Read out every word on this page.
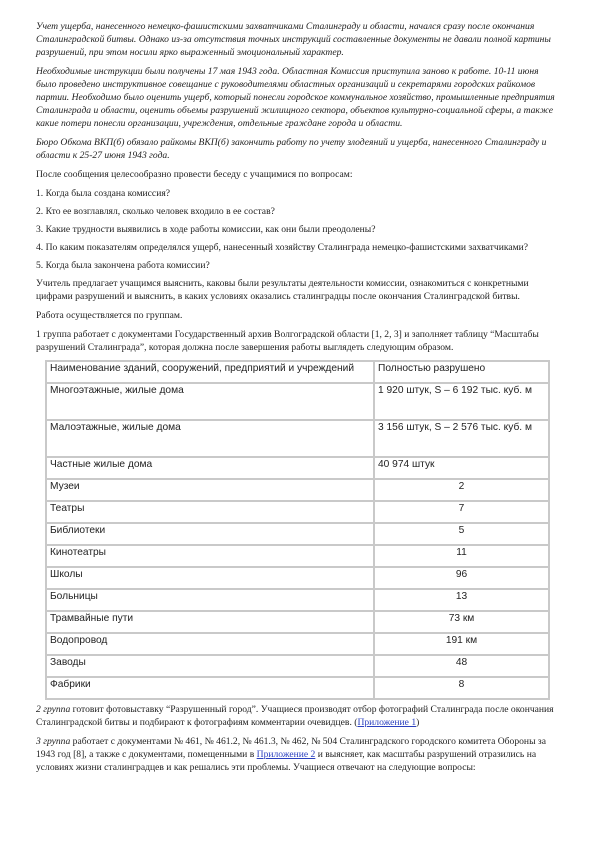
Учет ущерба, нанесенного немецко-фашистскими захватчиками Сталинграду и области, начался сразу после окончания Сталинградской битвы. Однако из-за отсутствия точных инструкций составленные документы не давали полной картины разрушений, при этом носили ярко выраженный эмоциональный характер.

Необходимые инструкции были получены 17 мая 1943 года. Областная Комиссия приступила заново к работе. 10-11 июня было проведено инструктивное совещание с руководителями областных организаций и секретарями городских райкомов партии. Необходимо было оценить ущерб, который понесли городское коммунальное хозяйство, промышленные предприятия Сталинграда и области, оценить объемы разрушений жилищного сектора, объектов культурно-социальной сферы, а также какие потери понесли организации, учреждения, отдельные граждане города и области.

Бюро Обкома ВКП(б) обязало райкомы ВКП(б) закончить работу по учету злодеяний и ущерба, нанесенного Сталинграду и области к 25-27 июня 1943 года.

После сообщения целесообразно провести беседу с учащимися по вопросам:

1. Когда была создана комиссия?

2. Кто ее возглавлял, сколько человек входило в ее состав?

3. Какие трудности выявились в ходе работы комиссии, как они были преодолены?

4. По каким показателям определялся ущерб, нанесенный хозяйству Сталинграда немецко-фашистскими захватчиками?

5. Когда была закончена работа комиссии?

Учитель предлагает учащимся выяснить, каковы были результаты деятельности комиссии, ознакомиться с конкретными цифрами разрушений и выяснить, в каких условиях оказались сталинградцы после окончания Сталинградской битвы.

Работа осуществляется по группам.

1 группа работает с документами Государственный архив Волгоградской области [1, 2, 3] и заполняет таблицу “Масштабы разрушений Сталинграда”, которая должна после завершения работы выглядеть следующим образом.

Наименование зданий, сооружений, предприятий и учреждений	Полностью разрушено
Многоэтажные, жилые дома	1 920 штук, S – 6 192 тыс. куб. м
Малоэтажные, жилые дома	3 156 штук, S – 2 576 тыс. куб. м
Частные жилые дома	40 974 штук
Музеи	2
Театры	7
Библиотеки	5
Кинотеатры	11
Школы	96
Больницы	13
Трамвайные пути	73 км
Водопровод	191 км
Заводы	48
Фабрики	8

2 группа готовит фотовыставку “Разрушенный город”. Учащиеся производят отбор фотографий Сталинграда после окончания Сталинградской битвы и подбирают к фотографиям комментарии очевидцев. (Приложение 1)

3 группа работает с документами № 461, № 461.2, № 461.3, № 462, № 504 Сталинградского городского комитета Обороны за 1943 год [8], а также с документами, помещенными в Приложение 2 и выясняет, как масштабы разрушений отразились на условиях жизни сталинградцев и как решались эти проблемы. Учащиеся отвечают на следующие вопросы:
